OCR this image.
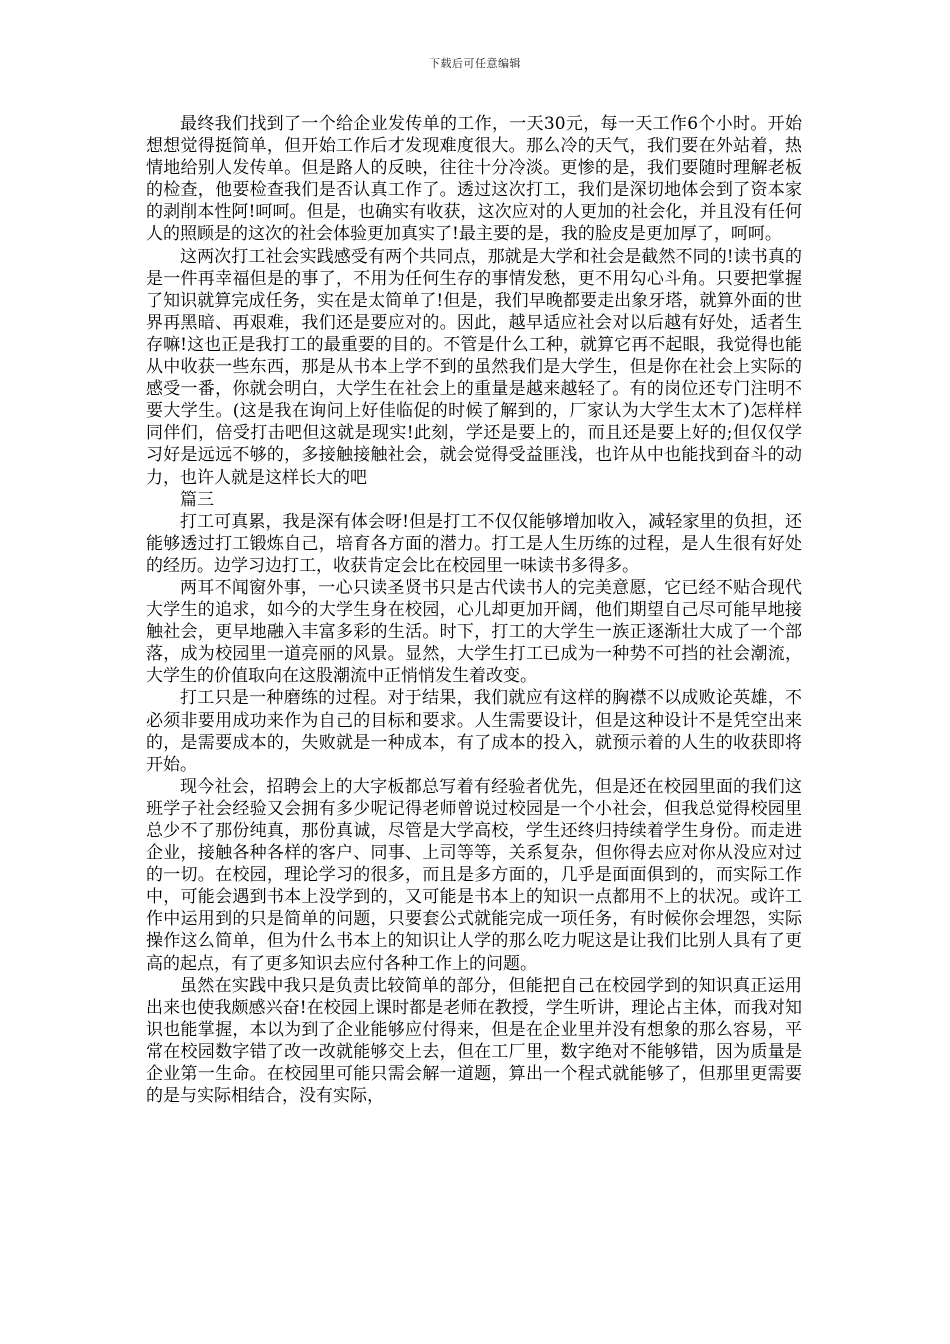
下载后可任意编辑

最终我们找到了一个给企业发传单的工作，一天30元，每一天工作6个小时。开始想想觉得挺简单，但开始工作后才发现难度很大。那么冷的天气，我们要在外站着，热情地给别人发传单。但是路人的反映，往往十分冷淡。更惨的是，我们要随时理解老板的检查，他要检查我们是否认真工作了。透过这次打工，我们是深切地体会到了资本家的剥削本性阿!呵呵。但是，也确实有收获，这次应对的人更加的社会化，并且没有任何人的照顾是的这次的社会体验更加真实了!最主要的是，我的脸皮是更加厚了，呵呵。

这两次打工社会实践感受有两个共同点，那就是大学和社会是截然不同的!读书真的是一件再幸福但是的事了，不用为任何生存的事情发愁，更不用勾心斗角。只要把掌握了知识就算完成任务，实在是太简单了!但是，我们早晚都要走出象牙塔，就算外面的世界再黑暗、再艰难，我们还是要应对的。因此，越早适应社会对以后越有好处，适者生存嘛!这也正是我打工的最重要的目的。不管是什么工种，就算它再不起眼，我觉得也能从中收获一些东西，那是从书本上学不到的虽然我们是大学生，但是你在社会上实际的感受一番，你就会明白，大学生在社会上的重量是越来越轻了。有的岗位还专门注明不要大学生。(这是我在询问上好佳临促的时候了解到的，厂家认为大学生太木了)怎样样同伴们，倍受打击吧但这就是现实!此刻，学还是要上的，而且还是要上好的;但仅仅学习好是远远不够的，多接触接触社会，就会觉得受益匪浅，也许从中也能找到奋斗的动力，也许人就是这样长大的吧

篇三

打工可真累，我是深有体会呀!但是打工不仅仅能够增加收入，减轻家里的负担，还能够透过打工锻炼自己，培育各方面的潜力。打工是人生历练的过程，是人生很有好处的经历。边学习边打工，收获肯定会比在校园里一味读书多得多。

两耳不闻窗外事，一心只读圣贤书只是古代读书人的完美意愿，它已经不贴合现代大学生的追求，如今的大学生身在校园，心儿却更加开阔，他们期望自己尽可能早地接触社会，更早地融入丰富多彩的生活。时下，打工的大学生一族正逐渐壮大成了一个部落，成为校园里一道亮丽的风景。显然，大学生打工已成为一种势不可挡的社会潮流，大学生的价值取向在这股潮流中正悄悄发生着改变。

打工只是一种磨练的过程。对于结果，我们就应有这样的胸襟不以成败论英雄，不必须非要用成功来作为自己的目标和要求。人生需要设计，但是这种设计不是凭空出来的，是需要成本的，失败就是一种成本，有了成本的投入，就预示着的人生的收获即将开始。

现今社会，招聘会上的大字板都总写着有经验者优先，但是还在校园里面的我们这班学子社会经验又会拥有多少呢记得老师曾说过校园是一个小社会，但我总觉得校园里总少不了那份纯真，那份真诚，尽管是大学高校，学生还终归持续着学生身份。而走进企业，接触各种各样的客户、同事、上司等等，关系复杂，但你得去应对你从没应对过的一切。在校园，理论学习的很多，而且是多方面的，几乎是面面俱到的，而实际工作中，可能会遇到书本上没学到的，又可能是书本上的知识一点都用不上的状况。或许工作中运用到的只是简单的问题，只要套公式就能完成一项任务，有时候你会埋怨，实际操作这么简单，但为什么书本上的知识让人学的那么吃力呢这是让我们比别人具有了更高的起点，有了更多知识去应付各种工作上的问题。

虽然在实践中我只是负责比较简单的部分，但能把自己在校园学到的知识真正运用出来也使我颇感兴奋!在校园上课时都是老师在教授，学生听讲，理论占主体，而我对知识也能掌握，本以为到了企业能够应付得来，但是在企业里并没有想象的那么容易，平常在校园数字错了改一改就能够交上去，但在工厂里，数字绝对不能够错，因为质量是企业第一生命。在校园里可能只需会解一道题，算出一个程式就能够了，但那里更需要的是与实际相结合，没有实际，
